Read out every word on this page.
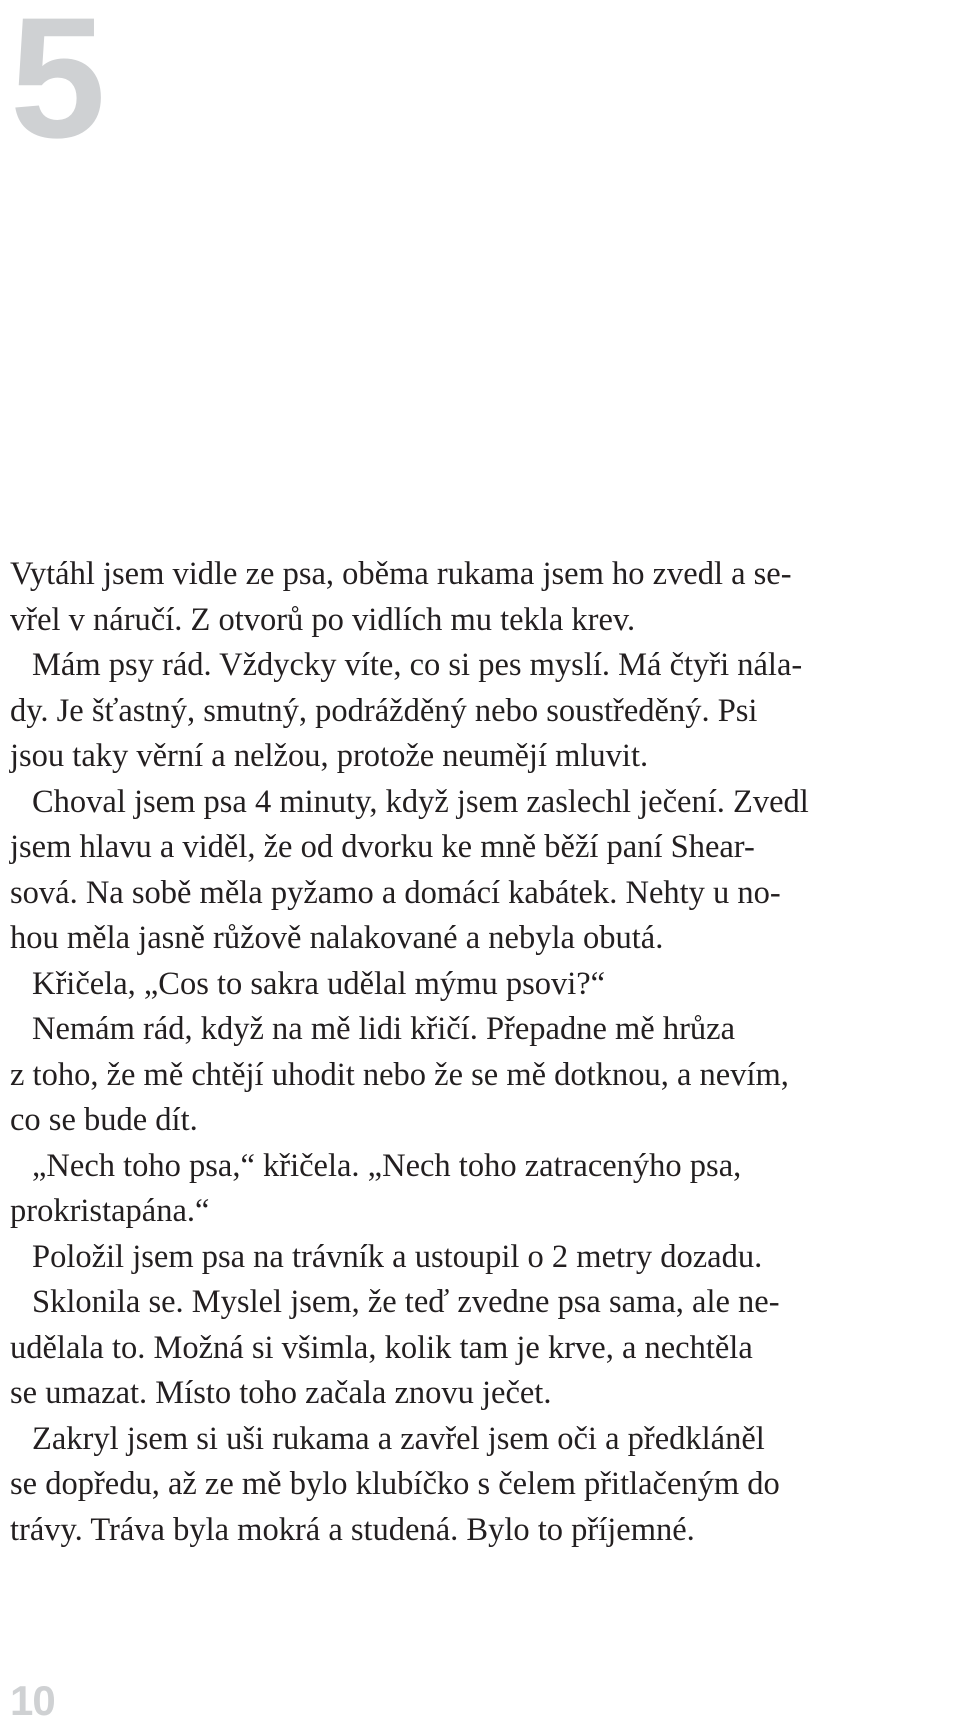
5
Vytáhl jsem vidle ze psa, oběma rukama jsem ho zvedl a se-
vřel v náručí. Z otvorů po vidlích mu tekla krev.
Mám psy rád. Vždycky víte, co si pes myslí. Má čtyři nála-
dy. Je šťastný, smutný, podrážděný nebo soustředěný. Psi
jsou taky věrní a nelžou, protože neumějí mluvit.
Choval jsem psa 4 minuty, když jsem zaslechl ječení. Zvedl
jsem hlavu a viděl, že od dvorku ke mně běží paní Shear-
sová. Na sobě měla pyžamo a domácí kabátek. Nehty u no-
hou měla jasně růžově nalakované a nebyla obutá.
Křičela, „Cos to sakra udělal mýmu psovi?“
Nemám rád, když na mě lidi křičí. Přepadne mě hrůza
z toho, že mě chtějí uhodit nebo že se mě dotknou, a nevím,
co se bude dít.
„Nech toho psa,“ křičela. „Nech toho zatracenýho psa,
prokristapána.“
Položil jsem psa na trávník a ustoupil o 2 metry dozadu.
Sklonila se. Myslel jsem, že teď zvedne psa sama, ale ne-
udělala to. Možná si všimla, kolik tam je krve, a nechtěla
se umazat. Místo toho začala znovu ječet.
Zakryl jsem si uši rukama a zavřel jsem oči a předkláněl
se dopředu, až ze mě bylo klubíčko s čelem přitlačeným do
trávy. Tráva byla mokrá a studená. Bylo to příjemné.
10
